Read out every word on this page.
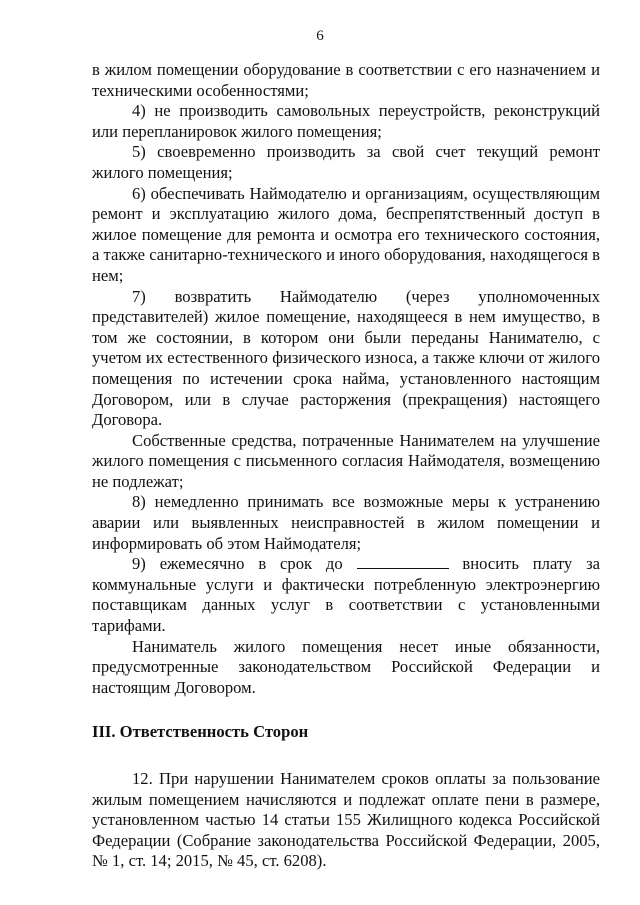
6

в жилом помещении оборудование в соответствии с его назначением и техническими особенностями;

4) не производить самовольных переустройств, реконструкций или перепланировок жилого помещения;

5) своевременно производить за свой счет текущий ремонт жилого помещения;

6) обеспечивать Наймодателю и организациям, осуществляющим ремонт и эксплуатацию жилого дома, беспрепятственный доступ в жилое помещение для ремонта и осмотра его технического состояния, а также санитарно-технического и иного оборудования, находящегося в нем;

7) возвратить Наймодателю (через уполномоченных представителей) жилое помещение, находящееся в нем имущество, в том же состоянии, в котором они были переданы Нанимателю, с учетом их естественного физического износа, а также ключи от жилого помещения по истечении срока найма, установленного настоящим Договором, или в случае расторжения (прекращения) настоящего Договора.

Собственные средства, потраченные Нанимателем на улучшение жилого помещения с письменного согласия Наймодателя, возмещению не подлежат;

8) немедленно принимать все возможные меры к устранению аварии или выявленных неисправностей в жилом помещении и информировать об этом Наймодателя;

9) ежемесячно в срок до	вносить плату за коммунальные услуги и фактически потребленную электроэнергию поставщикам данных услуг в соответствии с установленными тарифами.

Наниматель жилого помещения несет иные обязанности, предусмотренные законодательством Российской Федерации и настоящим Договором.

III. Ответственность Сторон

12. При нарушении Нанимателем сроков оплаты за пользование жилым помещением начисляются и подлежат оплате пени в размере, установленном частью 14 статьи 155 Жилищного кодекса Российской Федерации (Собрание законодательства Российской Федерации, 2005, № 1, ст. 14; 2015, № 45, ст. 6208).
